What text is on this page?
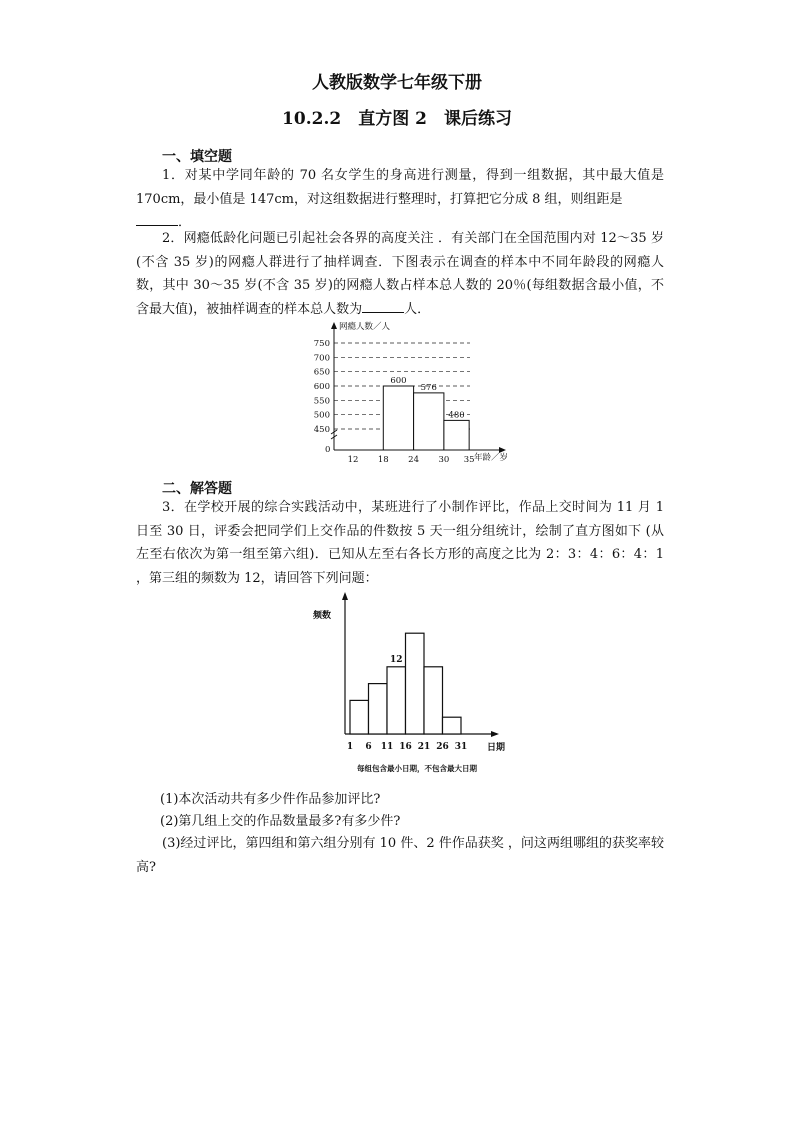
人教版数学七年级下册
10.2.2　直方图 2　课后练习
一、填空题

1．对某中学同年龄的 70 名女学生的身高进行测量，得到一组数据，其中最大值是 170cm，最小值是 147cm，对这组数据进行整理时，打算把它分成 8 组，则组距是
．

2．网瘾低龄化问题已引起社会各界的高度关注 ．有关部门在全国范围内对 12～35 岁(不含 35 岁)的网瘾人群进行了抽样调查．下图表示在调查的样本中不同年龄段的网瘾人数，其中 30～35 岁(不含 35 岁)的网瘾人数占样本总人数的 20％(每组数据含最小值，不含最大值)，被抽样调查的样本总人数为	人．

网瘾人数／人
年龄／岁
0
450
500
550
600
650
700
750
600
576
480
12 18 24 30 35
二、解答题

3．在学校开展的综合实践活动中，某班进行了小制作评比，作品上交时间为 11 月 1 日至 30 日，评委会把同学们上交作品的件数按 5 天一组分组统计，绘制了直方图如下 (从左至右依次为第一组至第六组)．已知从左至右各长方形的高度之比为 2：3：4：6：4：1 ，第三组的频数为 12，请回答下列问题：

频数
日期
12
1 6 11 16 21 26 31
每组包含最小日期，不包含最大日期
(1)本次活动共有多少件作品参加评比?
(2)第几组上交的作品数量最多?有多少件?

(3)经过评比，第四组和第六组分别有 10 件、2 件作品获奖 ，问这两组哪组的获奖率较高?
